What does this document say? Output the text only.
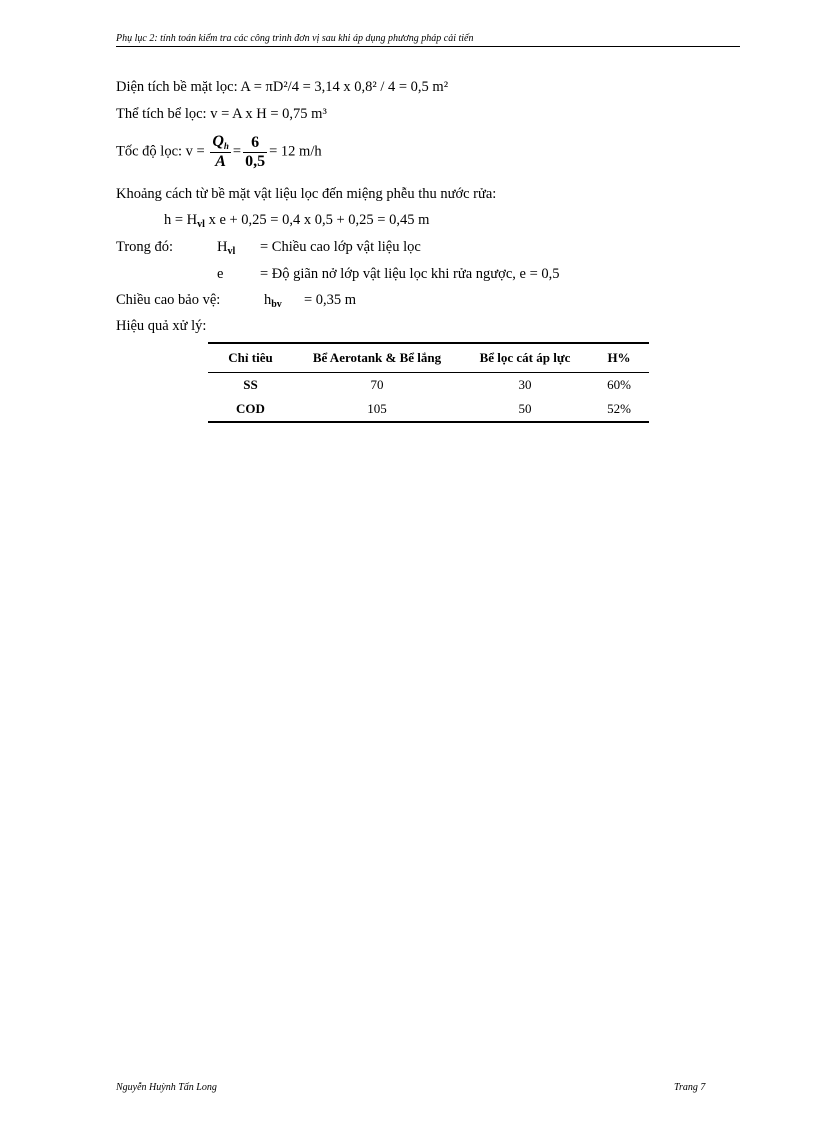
Phụ lục 2: tính toán kiểm tra các công trình đơn vị sau khi áp dụng phương pháp cải tiến
Diện tích bề mặt lọc: A = πD²/4 = 3,14 x 0,8² / 4 = 0,5 m²
Thể tích bể lọc: v = A x H = 0,75 m³
Tốc độ lọc: $v = \frac{Qh}{A} = \frac{6}{0,5} = 12$ m/h
Khoảng cách từ bề mặt vật liệu lọc đến miệng phễu thu nước rửa:
$h = H_{vl}$ x e + 0,25 = 0,4 x 0,5 + 0,25 = 0,45 m
Trong đó:	$H_{vl}$ = Chiều cao lớp vật liệu lọc
e	= Độ giãn nở lớp vật liệu lọc khi rửa ngược, e = 0,5
Chiều cao bảo vệ:	$h_{bv} = 0,35$ m
Hiệu quả xử lý:
Chỉ tiêu	Bể Aerotank & Bể lắng	Bể lọc cát áp lực	H%
SS	70	30	60%
COD	105	50	52%
Nguyễn Huỳnh Tấn Long	Trang 7
